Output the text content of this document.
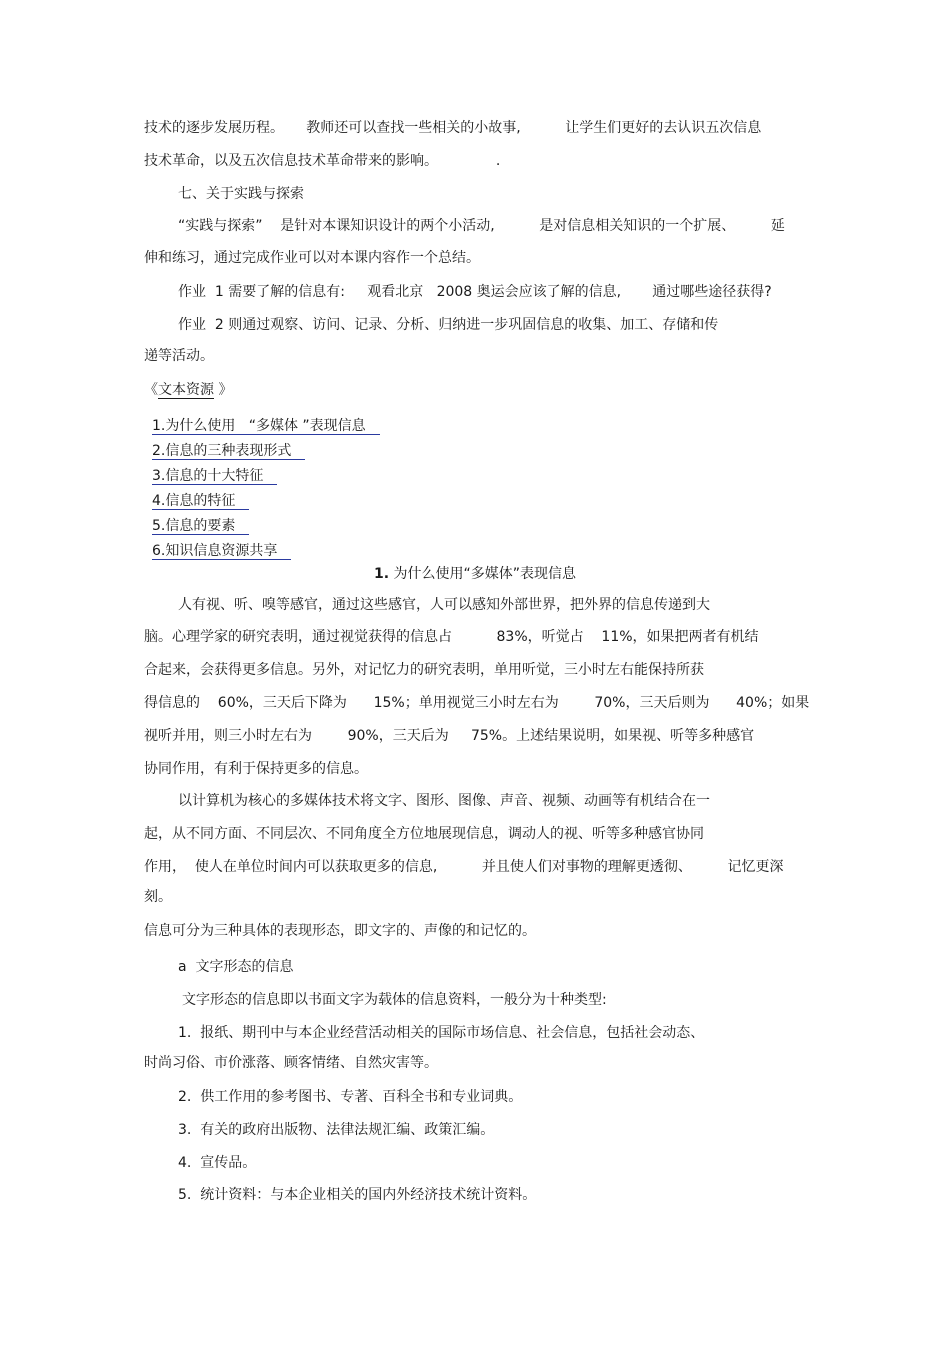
技术的逐步发展历程。     教师还可以查找一些相关的小故事,          让学生们更好的去认识五次信息
技术革命，以及五次信息技术革命带来的影响。             .
七、关于实践与探索
“实践与探索”    是针对本课知识设计的两个小活动,          是对信息相关知识的一个扩展、        延
伸和练习，通过完成作业可以对本课内容作一个总结。
作业  1 需要了解的信息有:     观看北京   2008 奥运会应该了解的信息,       通过哪些途径获得?
作业  2 则通过观察、访问、记录、分析、归纳进一步巩固信息的收集、加工、存储和传
递等活动。
《文本资源 》
1.为什么使用   “多媒体 ”表现信息
2.信息的三种表现形式
3.信息的十大特征
4.信息的特征
5.信息的要素
6.知识信息资源共享
1. 为什么使用“多媒体”表现信息
人有视、听、嗅等感官，通过这些感官，人可以感知外部世界，把外界的信息传递到大
脑。心理学家的研究表明，通过视觉获得的信息占          83%，听觉占    11%，如果把两者有机结
合起来，会获得更多信息。另外，对记忆力的研究表明，单用听觉，三小时左右能保持所获
得信息的    60%，三天后下降为      15%；单用视觉三小时左右为        70%，三天后则为      40%；如果
视听并用，则三小时左右为        90%，三天后为     75%。上述结果说明，如果视、听等多种感官
协同作用，有利于保持更多的信息。
以计算机为核心的多媒体技术将文字、图形、图像、声音、视频、动画等有机结合在一
起，从不同方面、不同层次、不同角度全方位地展现信息，调动人的视、听等多种感官协同
作用，  使人在单位时间内可以获取更多的信息,          并且使人们对事物的理解更透彻、        记忆更深
刻。
信息可分为三种具体的表现形态，即文字的、声像的和记忆的。
a  文字形态的信息
文字形态的信息即以书面文字为载体的信息资料，一般分为十种类型:
1.  报纸、期刊中与本企业经营活动相关的国际市场信息、社会信息，包括社会动态、
时尚习俗、市价涨落、顾客情绪、自然灾害等。
2.  供工作用的参考图书、专著、百科全书和专业词典。
3.  有关的政府出版物、法律法规汇编、政策汇编。
4.  宣传品。
5.  统计资料：与本企业相关的国内外经济技术统计资料。
